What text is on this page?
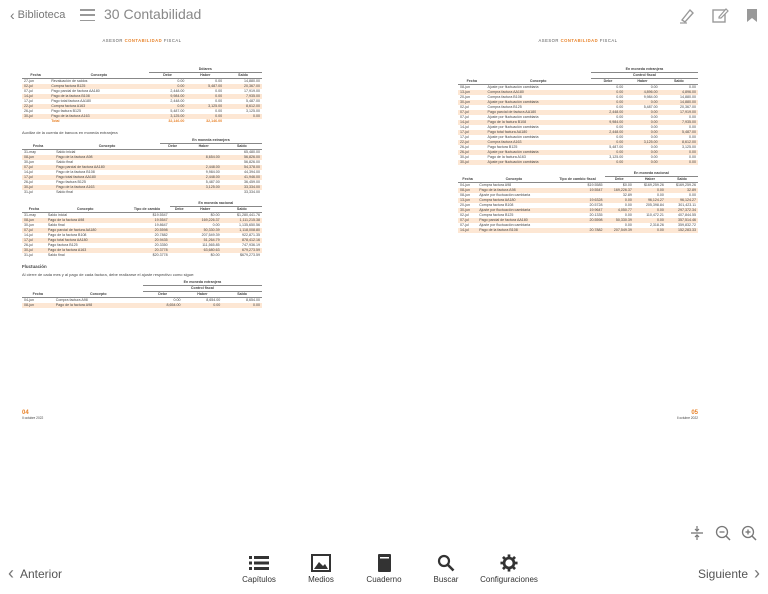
‹ Biblioteca	30 Contabilidad
ASESOR CONTABILIDAD FISCAL
		Dólares		
Fecha	Concepto	Debe	Haber	Saldo
27-jun	Revaluación de saldos	0.00	0.00	14,880.00
02-jul	Compra factura B125	0.00	5,487.00	20,367.00
07-jul	Pago parcial de factura AA180	2,448.00	0.00	17,919.00
14-jul	Pago de la factura B108	9,984.00	0.00	7,935.00
17-jul	Pago total factura AA180	2,448.00	0.00	5,487.00
22-jul	Compra factura A163	0.00	3,125.00	8,612.00
26-jul	Pago factura B125	5,487.00	0.00	3,125.00
30-jul	Pago de la factura A163	3,125.00	0.00	0.00
	Total	32,146.00	32,146.00	
Auxiliar de la cuenta de bancos en moneda extranjera
		En moneda extranjera		
Fecha	Concepto	Debe	Haber	Saldo
31-may	Saldo inicial			65,480.00
08-jun	Pago de la factura A98		8,654.00	56,826.00
30-jun	Saldo final			56,826.00
07-jul	Pago parcial de factura AA180		2,448.00	54,378.00
14-jul	Pago de la factura B108		9,984.00	44,394.00
17-jul	Pago total factura AA180		2,448.00	41,946.00
26-jul	Pago factura B125		5,487.00	36,459.00
30-jul	Pago de la factura A163		3,125.00	33,334.00
31-jul	Saldo final			33,334.00
			En moneda nacional		
Fecha	Concepto	Tipo de cambio	Debe	Haber	Saldo
31-may	Saldo inicial	$19.5547		$0.00	$1,280,441.76
08-jun	Pago de la factura A98	19.5547		169,226.37	1,111,215.38
30-jun	Saldo final	19.8647		0.00	1,135,650.56
07-jul	Pago parcial de factura AA180	20.5598		50,330.39	1,118,008.80
14-jul	Pago de la factura B108	20.7882		207,549.39	922,871.35
17-jul	Pago total factura AA180	20.9435		51,264.79	878,412.16
26-jul	Pago factura B125	20.3350		111,565.85	747,936.19
30-jul	Pago de la factura A163	20.3778		63,680.63	679,273.59
31-jul	Saldo final	$20.3778		$0.00	$679,273.59
Fluctuación
Al cierre de cada mes y al pago de cada factura, debe realizarse el ajuste respectivo como sigue:
		En moneda extranjera		
		Control fiscal		
Fecha	Concepto	Debe	Haber	Saldo
04-jun	Compra factura A98	0.00	8,654.00	8,654.00
08-jun	Pago de la factura A98	8,654.00	0.00	0.00
04
II octubre 2022
ASESOR CONTABILIDAD FISCAL
		En moneda extranjera		
		Control fiscal		
Fecha	Concepto	Debe	Haber	Saldo
08-jun	Ajuste por fluctuación cambiaria	0.00	0.00	0.00
13-jun	Compra factura AA180	0.00	4,896.00	4,896.00
20-jun	Compra factura B108	0.00	9,984.00	14,880.00
30-jun	Ajuste por fluctuación cambiaria	0.00	0.00	14,880.00
02-jul	Compra factura B125	0.00	5,487.00	20,367.00
07-jul	Pago parcial de factura AA180	2,448.00	0.00	17,919.00
07-jul	Ajuste por fluctuación cambiaria	0.00	0.00	0.00
14-jul	Pago de la factura B108	9,984.00	0.00	7,935.00
14-jul	Ajuste por fluctuación cambiaria	0.00	0.00	0.00
17-jul	Pago total factura AA180	2,448.00	0.00	5,487.00
17-jul	Ajuste por fluctuación cambiaria	0.00	0.00	0.00
22-jul	Compra factura A163	0.00	3,125.00	8,612.00
26-jul	Pago factura B125	5,487.00	0.00	3,125.00
26-jul	Ajuste por fluctuación cambiaria	0.00	0.00	0.00
30-jul	Pago de la factura A163	3,125.00	0.00	0.00
30-jul	Ajuste por fluctuación cambiaria	0.00	0.00	0.00
			En moneda nacional		
Fecha	Concepto	Tipo de cambio fiscal	Debe	Haber	Saldo
04-jun	Compra factura A98	$19.5585	$0.00	$169,259.26	$169,259.26
08-jun	Pago de la factura A98	19.5547	169,226.37	0.00	32.89
08-jun	Ajuste por fluctuación cambiaria		32.89	0.00	0.00
13-jun	Compra factura AA180	19.6328	0.00	96,124.27	96,124.27
20-jun	Compra factura B108	20.5728	0.00	205,398.84	301,423.11
30-jun	Ajuste por fluctuación cambiaria	19.9647	4,050.77	0.00	297,372.34
02-jul	Compra factura B125	20.1335	0.00	110,472.21	407,844.55
07-jul	Pago parcial de factura AA180	20.5598	50,330.39	0.00	357,514.46
07-jul	Ajuste por fluctuación cambiaria		0.00	2,318.26	359,832.72
14-jul	Pago de la factura B108	20.7882	207,549.39	0.00	152,283.33
05
II octubre 2022
‹ Anterior	Capítulos	Medios	Cuaderno	Buscar	Configuraciones	Siguiente ›
